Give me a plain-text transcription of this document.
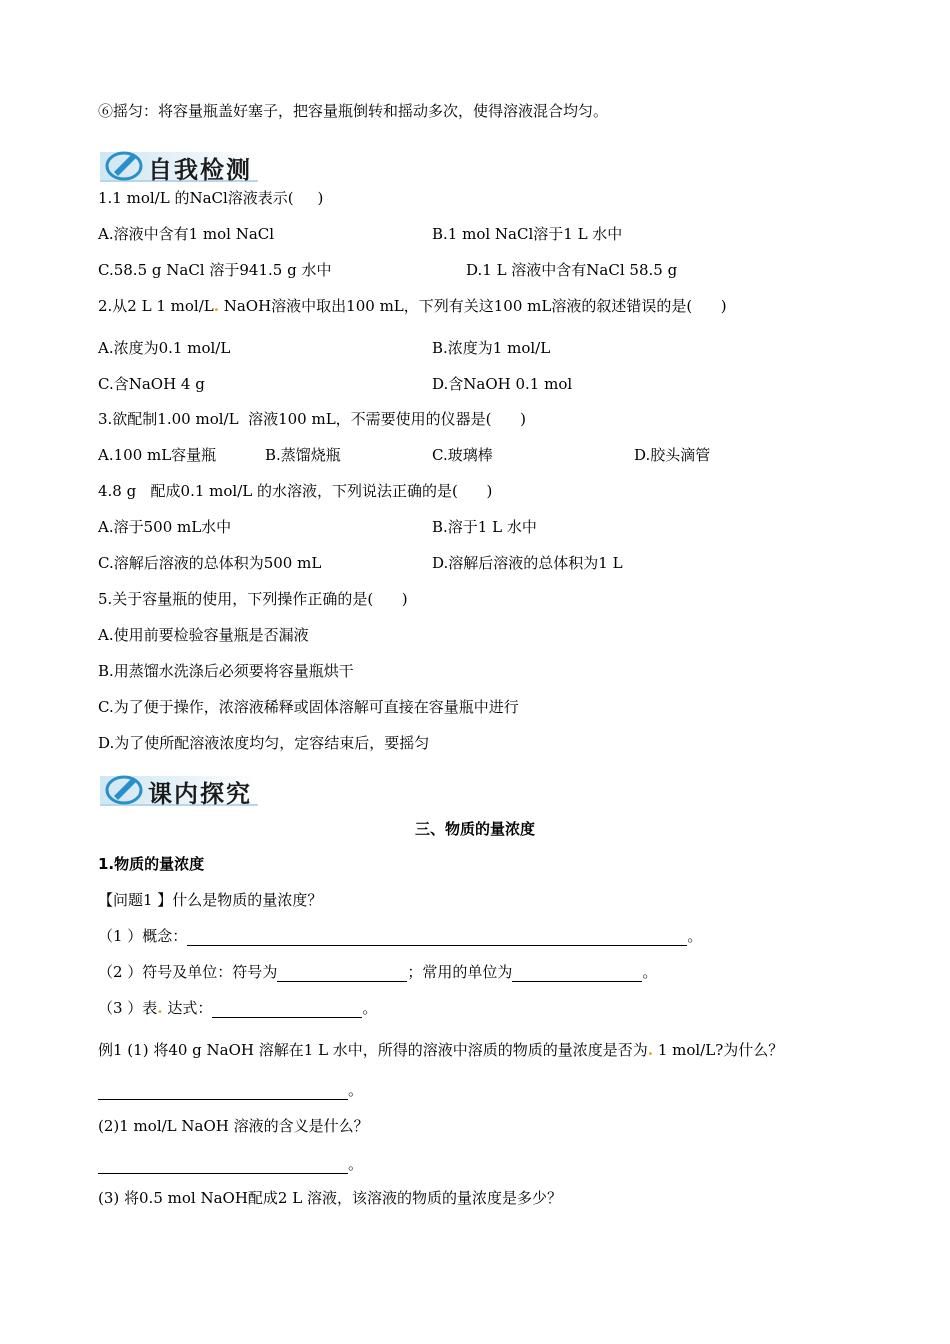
⑥摇匀：将容量瓶盖好塞子，把容量瓶倒转和摇动多次，使得溶液混合均匀。
自我检测
1.1 mol/L 的NaCl溶液表示(     )
A.溶液中含有1 mol NaCl	B.1 mol NaCl溶于1 L 水中
C.58.5 g NaCl 溶于941.5 g 水中	D.1 L 溶液中含有NaCl 58.5 g
2.从2 L 1 mol/L. NaOH溶液中取出100 mL，下列有关这100 mL溶液的叙述错误的是(      )
A.浓度为0.1 mol/L	B.浓度为1 mol/L
C.含NaOH 4 g	D.含NaOH 0.1 mol
3.欲配制1.00 mol/L  溶液100 mL，不需要使用的仪器是(      )
A.100 mL容量瓶	B.蒸馏烧瓶	C.玻璃棒	D.胶头滴管
4.8 g   配成0.1 mol/L 的水溶液，下列说法正确的是(      )
A.溶于500 mL水中	B.溶于1 L 水中
C.溶解后溶液的总体积为500 mL	D.溶解后溶液的总体积为1 L
5.关于容量瓶的使用，下列操作正确的是(      )
A.使用前要检验容量瓶是否漏液
B.用蒸馏水洗涤后必须要将容量瓶烘干
C.为了便于操作，浓溶液稀释或固体溶解可直接在容量瓶中进行
D.为了使所配溶液浓度均匀，定容结束后，要摇匀
课内探究
三、物质的量浓度
1.物质的量浓度
【问题1 】什么是物质的量浓度？
（1 ）概念：	。
（2 ）符号及单位：符号为	；常用的单位为	。
（3 ）表. 达式：	。
例1 (1) 将40 g NaOH 溶解在1 L 水中，所得的溶液中溶质的物质的量浓度是否为. 1 mol/L?为什么？
。
(2)1 mol/L NaOH 溶液的含义是什么？
。
(3) 将0.5 mol NaOH配成2 L 溶液，该溶液的物质的量浓度是多少？
